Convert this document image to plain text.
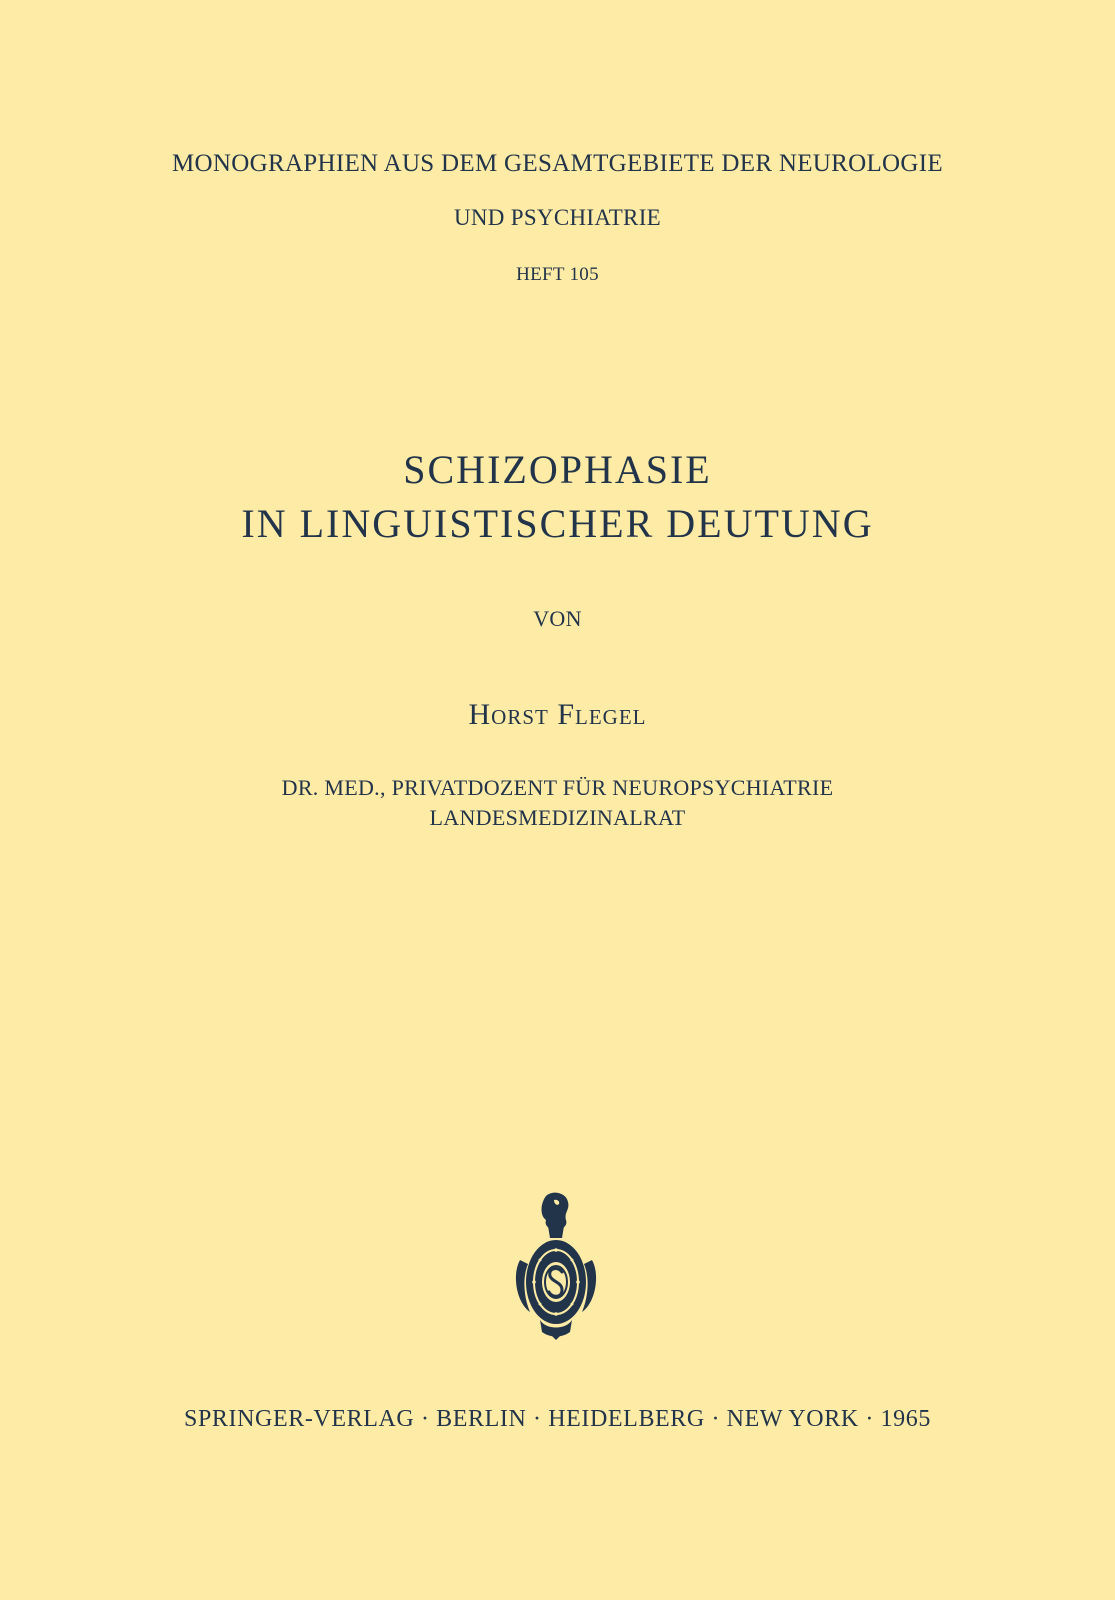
MONOGRAPHIEN AUS DEM GESAMTGEBIETE DER NEUROLOGIE
UND PSYCHIATRIE
HEFT 105
SCHIZOPHASIE
IN LINGUISTISCHER DEUTUNG
VON
Horst Flegel
DR. MED., PRIVATDOZENT FÜR NEUROPSYCHIATRIE
LANDESMEDIZINALRAT
SPRINGER-VERLAG · BERLIN · HEIDELBERG · NEW YORK · 1965
